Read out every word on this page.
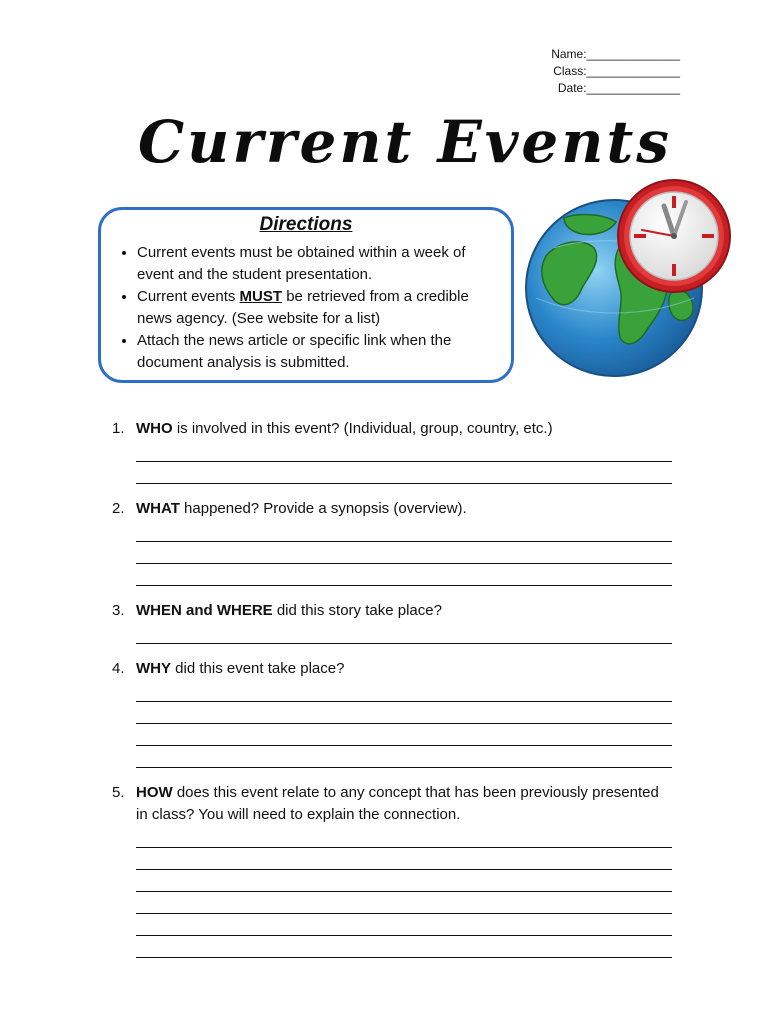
Name:______________
Class:______________
Date:______________
Current Events
Directions
• Current events must be obtained within a week of event and the student presentation.
• Current events MUST be retrieved from a credible news agency. (See website for a list)
• Attach the news article or specific link when the document analysis is submitted.
1. WHO is involved in this event? (Individual, group, country, etc.)
2. WHAT happened? Provide a synopsis (overview).
3. WHEN and WHERE did this story take place?
4. WHY did this event take place?
5. HOW does this event relate to any concept that has been previously presented in class? You will need to explain the connection.
